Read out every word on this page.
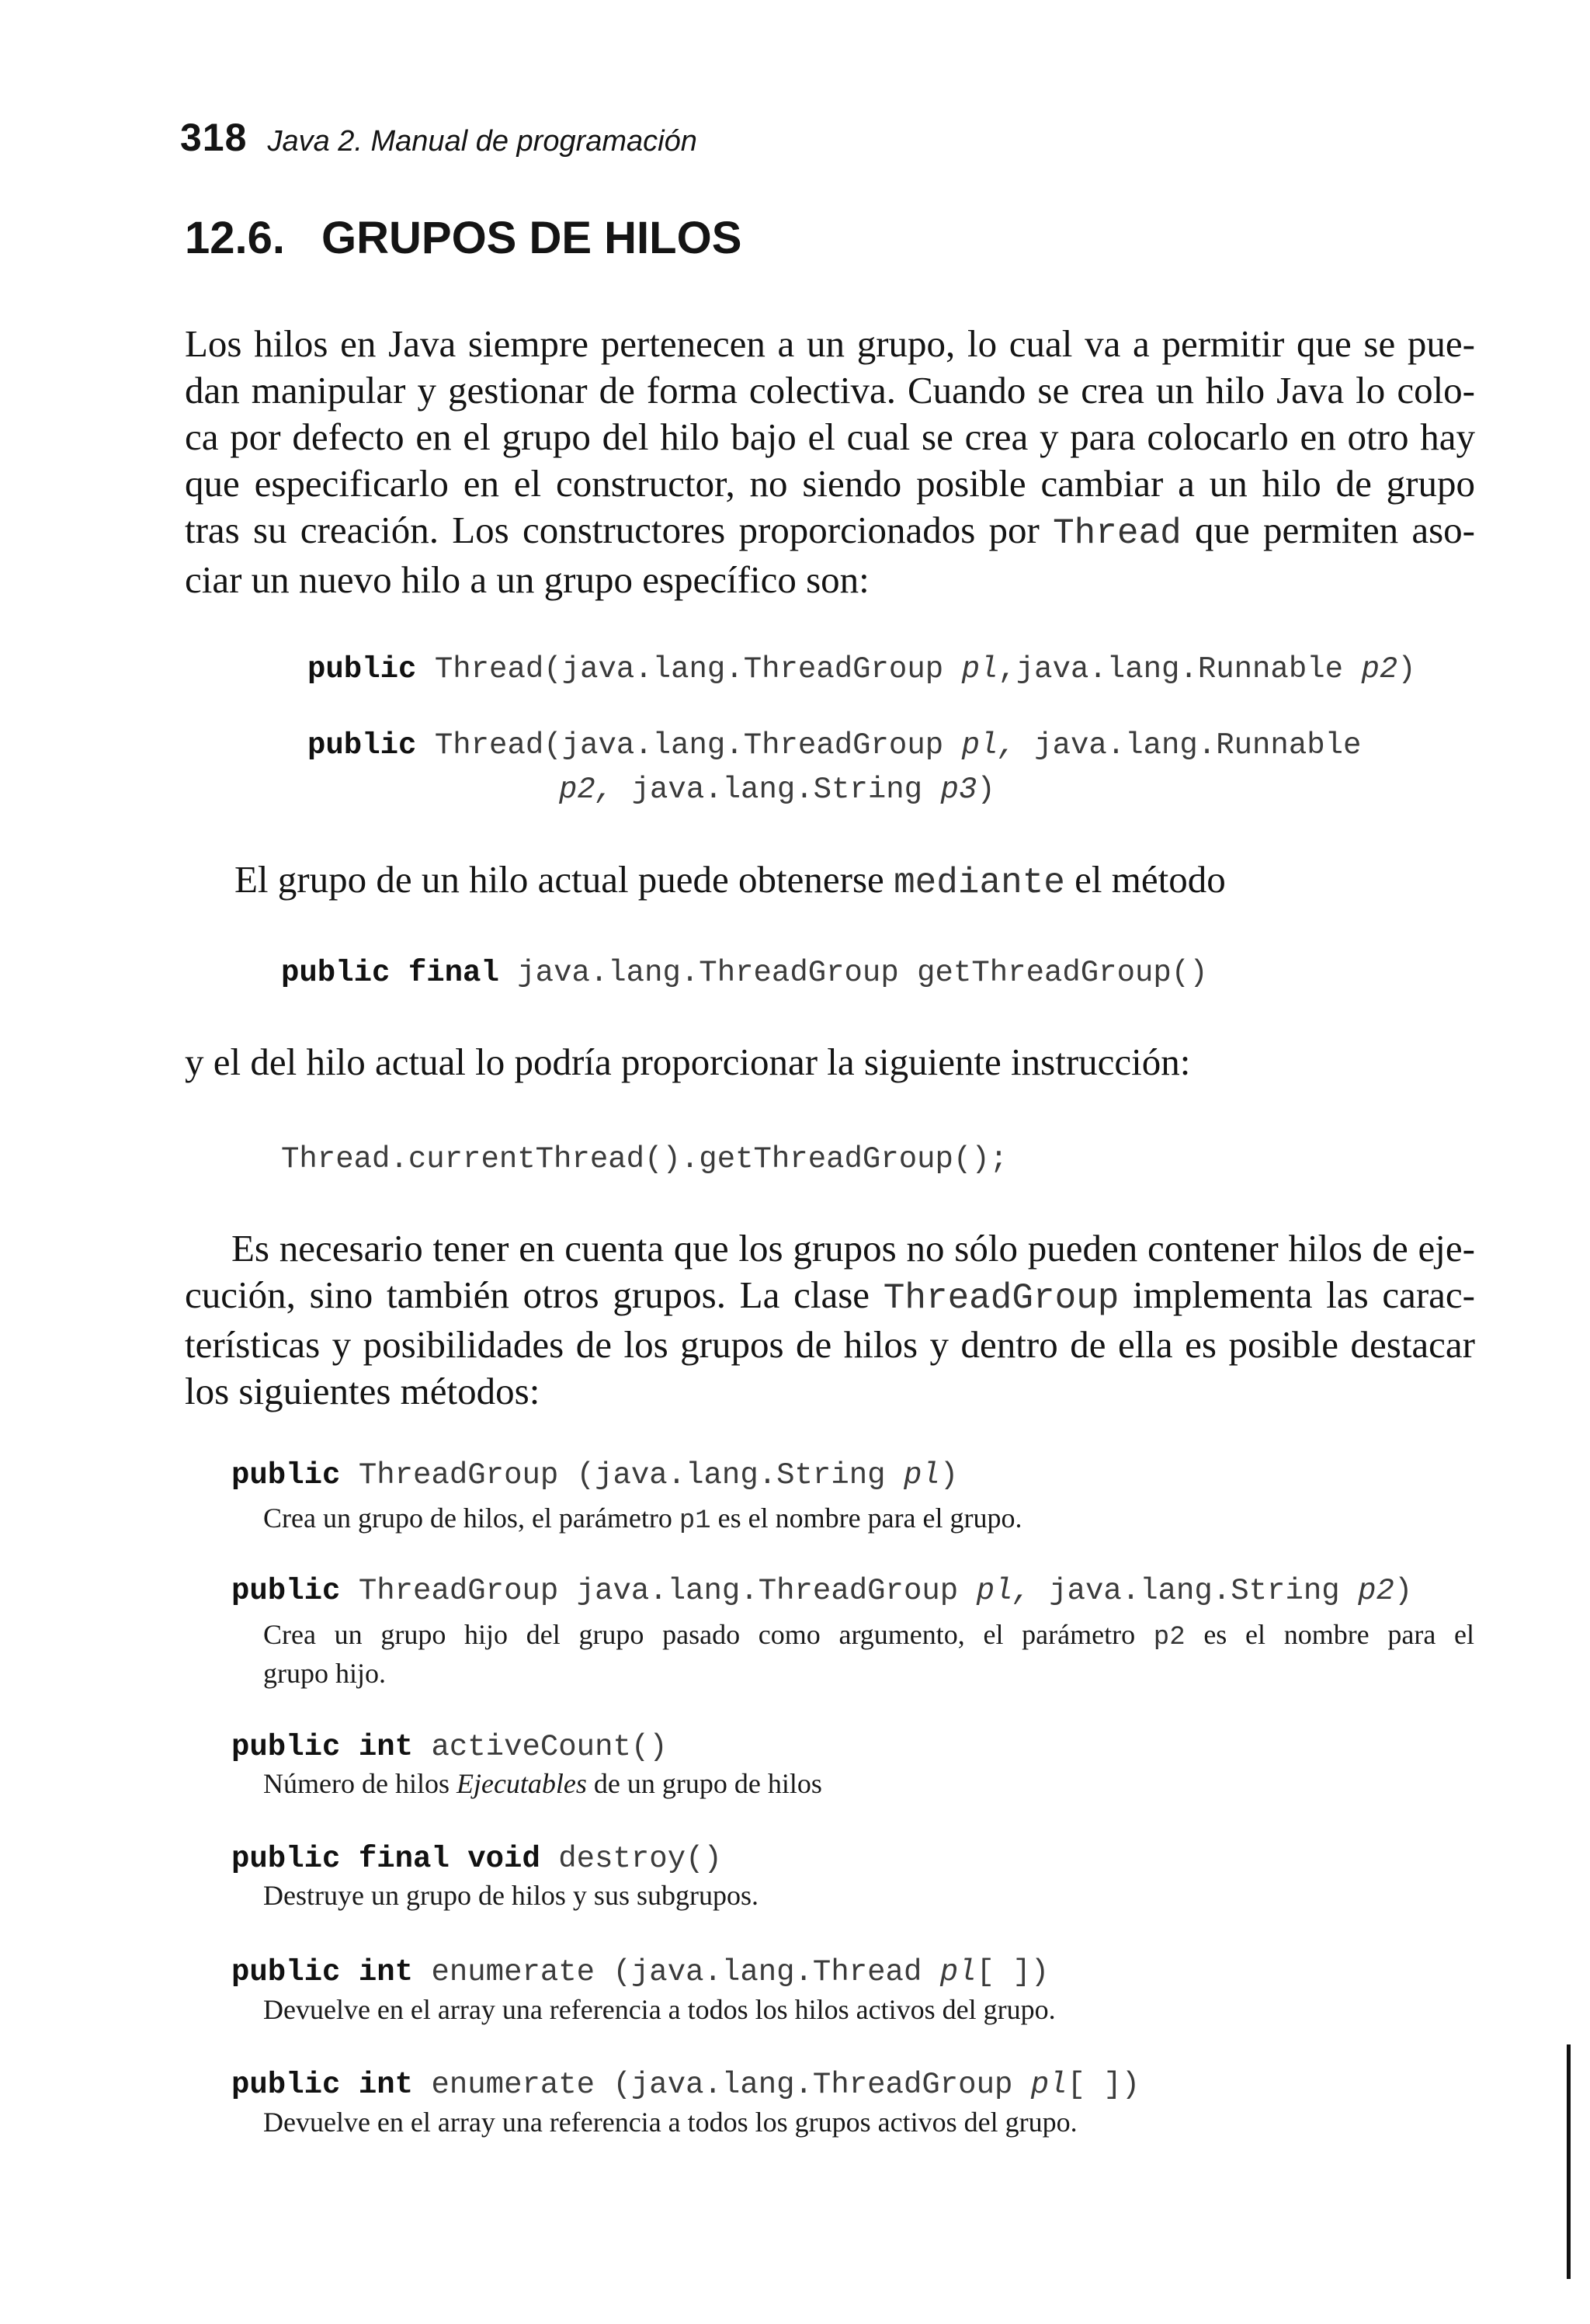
318 Java 2. Manual de programación
12.6. GRUPOS DE HILOS

Los hilos en Java siempre pertenecen a un grupo, lo cual va a permitir que se pue-

dan manipular y gestionar de forma colectiva. Cuando se crea un hilo Java lo colo-

ca por defecto en el grupo del hilo bajo el cual se crea y para colocarlo en otro hay

que especificarlo en el constructor, no siendo posible cambiar a un hilo de grupo

tras su creación. Los constructores proporcionados por Thread que permiten aso-

ciar un nuevo hilo a un grupo específico son:

public Thread(java.lang.ThreadGroup pl,java.lang.Runnable p2)
public Thread(java.lang.ThreadGroup pl, java.lang.Runnable
p2, java.lang.String p3)
El grupo de un hilo actual puede obtenerse mediante el método
public final java.lang.ThreadGroup getThreadGroup()
y el del hilo actual lo podría proporcionar la siguiente instrucción:
Thread.currentThread().getThreadGroup();

Es necesario tener en cuenta que los grupos no sólo pueden contener hilos de eje-

cución, sino también otros grupos. La clase ThreadGroup implementa las carac-

terísticas y posibilidades de los grupos de hilos y dentro de ella es posible destacar

los siguientes métodos:

public ThreadGroup (java.lang.String pl)
Crea un grupo de hilos, el parámetro p1 es el nombre para el grupo.
public ThreadGroup java.lang.ThreadGroup pl, java.lang.String p2)
Crea un grupo hijo del grupo pasado como argumento, el parámetro p2 es el nombre para el
grupo hijo.
public int activeCount()
Número de hilos Ejecutables de un grupo de hilos
public final void destroy()
Destruye un grupo de hilos y sus subgrupos.
public int enumerate (java.lang.Thread pl[ ])
Devuelve en el array una referencia a todos los hilos activos del grupo.
public int enumerate (java.lang.ThreadGroup pl[ ])
Devuelve en el array una referencia a todos los grupos activos del grupo.
